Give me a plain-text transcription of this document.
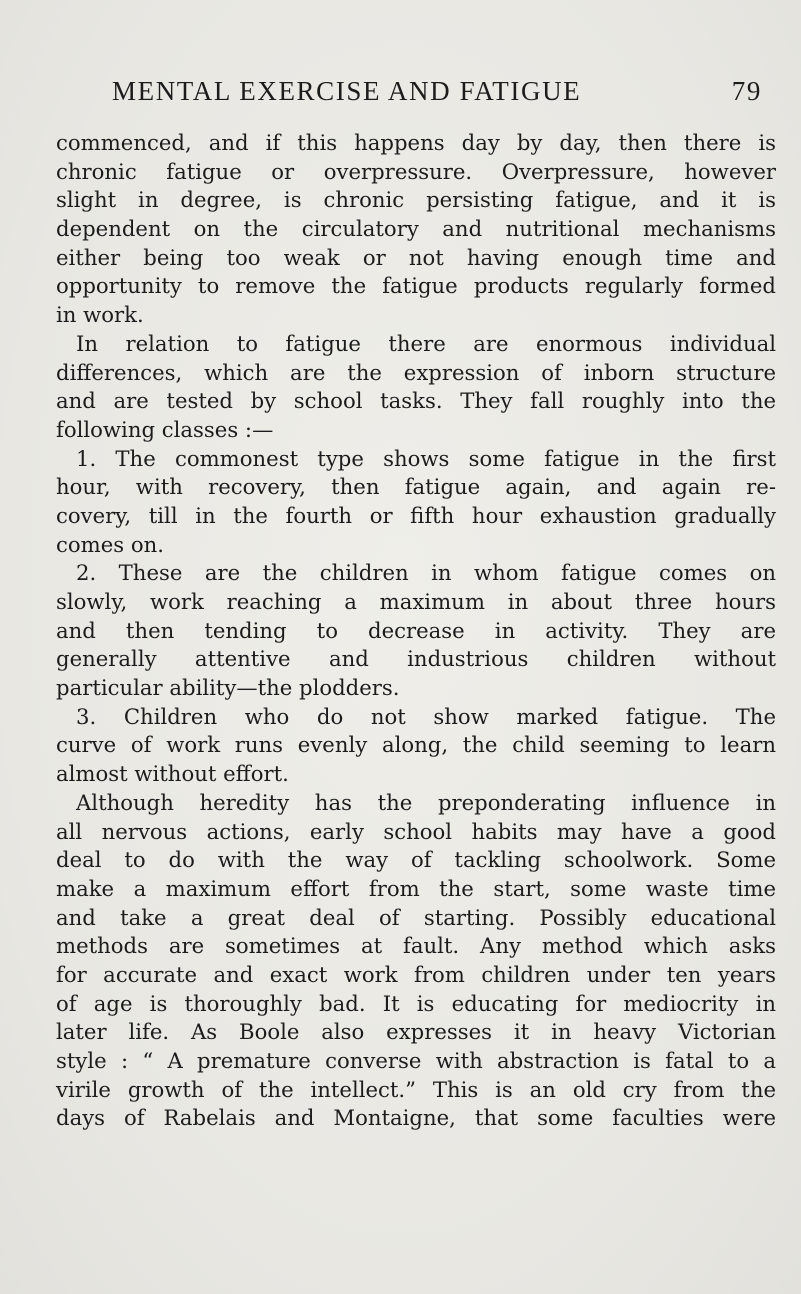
MENTAL EXERCISE AND FATIGUE	79
commenced, and if this happens day by day, then there is
chronic fatigue or overpressure. Overpressure, however
slight in degree, is chronic persisting fatigue, and it is
dependent on the circulatory and nutritional mechanisms
either being too weak or not having enough time and
opportunity to remove the fatigue products regularly formed
in work.
In relation to fatigue there are enormous individual
differences, which are the expression of inborn structure
and are tested by school tasks. They fall roughly into the
following classes :—
1. The commonest type shows some fatigue in the first
hour, with recovery, then fatigue again, and again re-
covery, till in the fourth or fifth hour exhaustion gradually
comes on.
2. These are the children in whom fatigue comes on
slowly, work reaching a maximum in about three hours
and then tending to decrease in activity. They are
generally attentive and industrious children without
particular ability—the plodders.
3. Children who do not show marked fatigue. The
curve of work runs evenly along, the child seeming to learn
almost without effort.
Although heredity has the preponderating influence in
all nervous actions, early school habits may have a good
deal to do with the way of tackling schoolwork. Some
make a maximum effort from the start, some waste time
and take a great deal of starting. Possibly educational
methods are sometimes at fault. Any method which asks
for accurate and exact work from children under ten years
of age is thoroughly bad. It is educating for mediocrity in
later life. As Boole also expresses it in heavy Victorian
style : “ A premature converse with abstraction is fatal to a
virile growth of the intellect.” This is an old cry from the
days of Rabelais and Montaigne, that some faculties were
